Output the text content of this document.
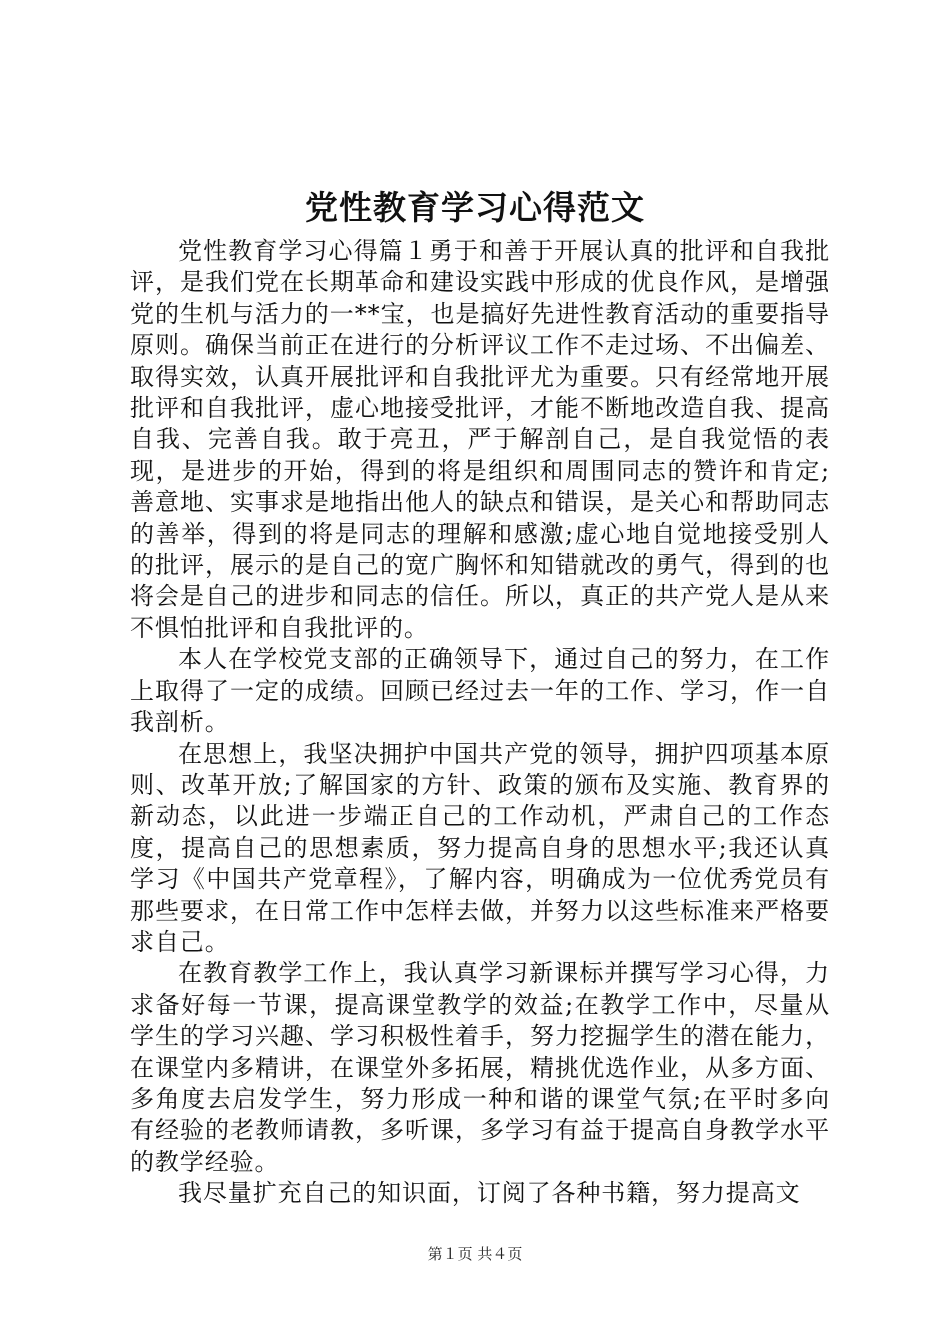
党性教育学习心得范文

党性教育学习心得篇１勇于和善于开展认真的批评和自我批评，是我们党在长期革命和建设实践中形成的优良作风，是增强党的生机与活力的一**宝，也是搞好先进性教育活动的重要指导原则。确保当前正在进行的分析评议工作不走过场、不出偏差、取得实效，认真开展批评和自我批评尤为重要。只有经常地开展批评和自我批评，虚心地接受批评，才能不断地改造自我、提高自我、完善自我。敢于亮丑，严于解剖自己，是自我觉悟的表现，是进步的开始，得到的将是组织和周围同志的赞许和肯定;善意地、实事求是地指出他人的缺点和错误，是关心和帮助同志的善举，得到的将是同志的理解和感激;虚心地自觉地接受别人的批评，展示的是自己的宽广胸怀和知错就改的勇气，得到的也将会是自己的进步和同志的信任。所以，真正的共产党人是从来不惧怕批评和自我批评的。

本人在学校党支部的正确领导下，通过自己的努力，在工作上取得了一定的成绩。回顾已经过去一年的工作、学习，作一自我剖析。

在思想上，我坚决拥护中国共产党的领导，拥护四项基本原则、改革开放;了解国家的方针、政策的颁布及实施、教育界的新动态，以此进一步端正自己的工作动机，严肃自己的工作态度，提高自己的思想素质，努力提高自身的思想水平;我还认真学习《中国共产党章程》，了解内容，明确成为一位优秀党员有那些要求，在日常工作中怎样去做，并努力以这些标准来严格要求自己。

在教育教学工作上，我认真学习新课标并撰写学习心得，力求备好每一节课，提高课堂教学的效益;在教学工作中，尽量从学生的学习兴趣、学习积极性着手，努力挖掘学生的潜在能力，在课堂内多精讲，在课堂外多拓展，精挑优选作业，从多方面、多角度去启发学生，努力形成一种和谐的课堂气氛;在平时多向有经验的老教师请教，多听课，多学习有益于提高自身教学水平的教学经验。

我尽量扩充自己的知识面，订阅了各种书籍，努力提高文

第１页 共４页
